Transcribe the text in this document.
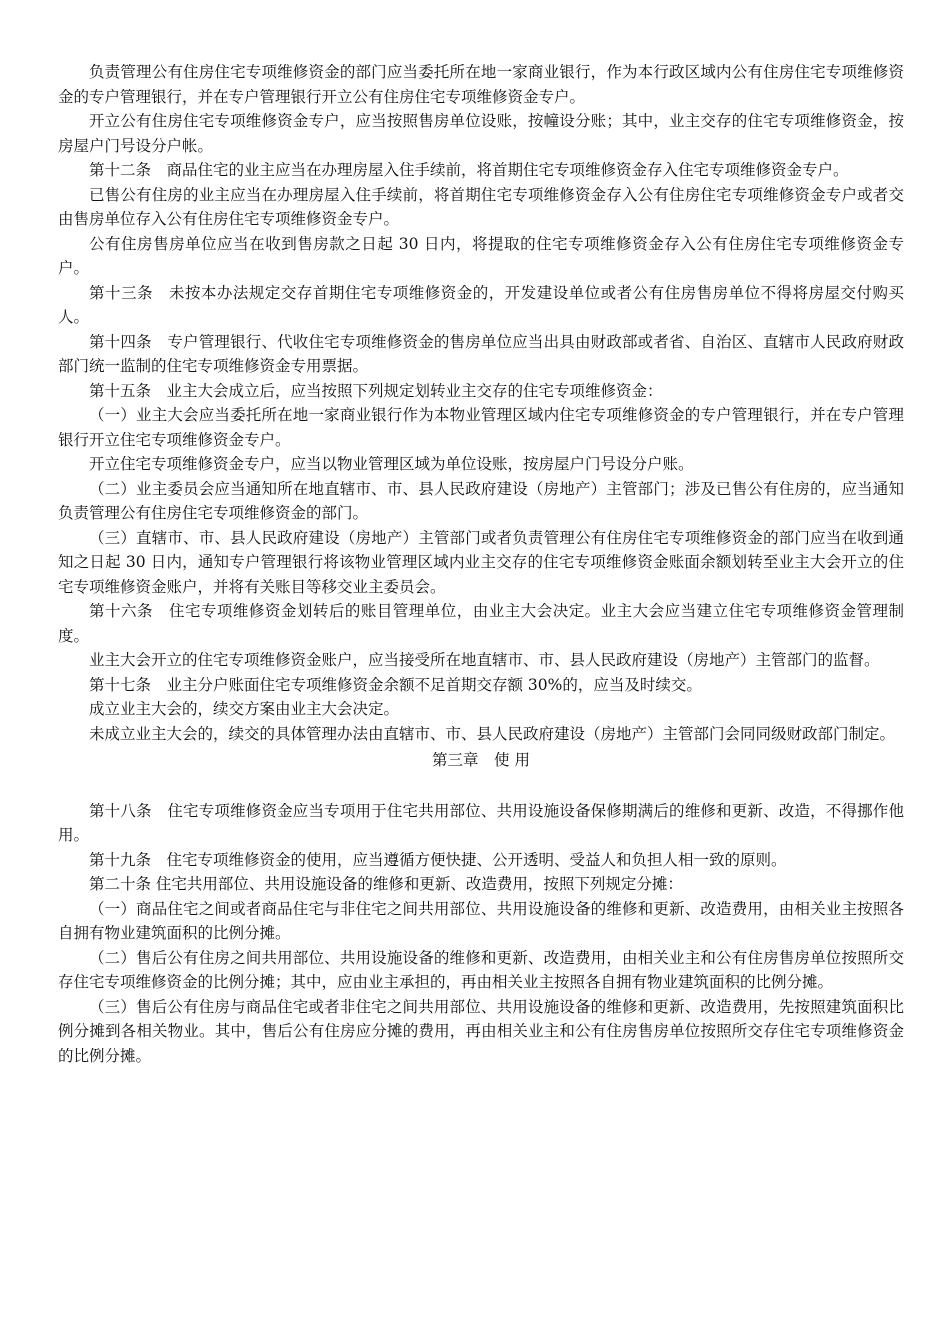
负责管理公有住房住宅专项维修资金的部门应当委托所在地一家商业银行，作为本行政区域内公有住房住宅专项维修资金的专户管理银行，并在专户管理银行开立公有住房住宅专项维修资金专户。

开立公有住房住宅专项维修资金专户，应当按照售房单位设账，按幢设分账；其中，业主交存的住宅专项维修资金，按房屋户门号设分户帐。

第十二条　商品住宅的业主应当在办理房屋入住手续前，将首期住宅专项维修资金存入住宅专项维修资金专户。

已售公有住房的业主应当在办理房屋入住手续前，将首期住宅专项维修资金存入公有住房住宅专项维修资金专户或者交由售房单位存入公有住房住宅专项维修资金专户。

公有住房售房单位应当在收到售房款之日起 30 日内，将提取的住宅专项维修资金存入公有住房住宅专项维修资金专户。

第十三条　未按本办法规定交存首期住宅专项维修资金的，开发建设单位或者公有住房售房单位不得将房屋交付购买人。

第十四条　专户管理银行、代收住宅专项维修资金的售房单位应当出具由财政部或者省、自治区、直辖市人民政府财政部门统一监制的住宅专项维修资金专用票据。

第十五条　业主大会成立后，应当按照下列规定划转业主交存的住宅专项维修资金：

（一）业主大会应当委托所在地一家商业银行作为本物业管理区域内住宅专项维修资金的专户管理银行，并在专户管理银行开立住宅专项维修资金专户。

开立住宅专项维修资金专户，应当以物业管理区域为单位设账，按房屋户门号设分户账。

（二）业主委员会应当通知所在地直辖市、市、县人民政府建设（房地产）主管部门；涉及已售公有住房的，应当通知负责管理公有住房住宅专项维修资金的部门。

（三）直辖市、市、县人民政府建设（房地产）主管部门或者负责管理公有住房住宅专项维修资金的部门应当在收到通知之日起 30 日内，通知专户管理银行将该物业管理区域内业主交存的住宅专项维修资金账面余额划转至业主大会开立的住宅专项维修资金账户，并将有关账目等移交业主委员会。

第十六条　住宅专项维修资金划转后的账目管理单位，由业主大会决定。业主大会应当建立住宅专项维修资金管理制度。

业主大会开立的住宅专项维修资金账户，应当接受所在地直辖市、市、县人民政府建设（房地产）主管部门的监督。

第十七条　业主分户账面住宅专项维修资金余额不足首期交存额 30%的，应当及时续交。

成立业主大会的，续交方案由业主大会决定。

未成立业主大会的，续交的具体管理办法由直辖市、市、县人民政府建设（房地产）主管部门会同同级财政部门制定。

第三章　使 用

第十八条　住宅专项维修资金应当专项用于住宅共用部位、共用设施设备保修期满后的维修和更新、改造，不得挪作他用。

第十九条　住宅专项维修资金的使用，应当遵循方便快捷、公开透明、受益人和负担人相一致的原则。

第二十条 住宅共用部位、共用设施设备的维修和更新、改造费用，按照下列规定分摊：

（一）商品住宅之间或者商品住宅与非住宅之间共用部位、共用设施设备的维修和更新、改造费用，由相关业主按照各自拥有物业建筑面积的比例分摊。

（二）售后公有住房之间共用部位、共用设施设备的维修和更新、改造费用，由相关业主和公有住房售房单位按照所交存住宅专项维修资金的比例分摊；其中，应由业主承担的，再由相关业主按照各自拥有物业建筑面积的比例分摊。

（三）售后公有住房与商品住宅或者非住宅之间共用部位、共用设施设备的维修和更新、改造费用，先按照建筑面积比例分摊到各相关物业。其中，售后公有住房应分摊的费用，再由相关业主和公有住房售房单位按照所交存住宅专项维修资金的比例分摊。
